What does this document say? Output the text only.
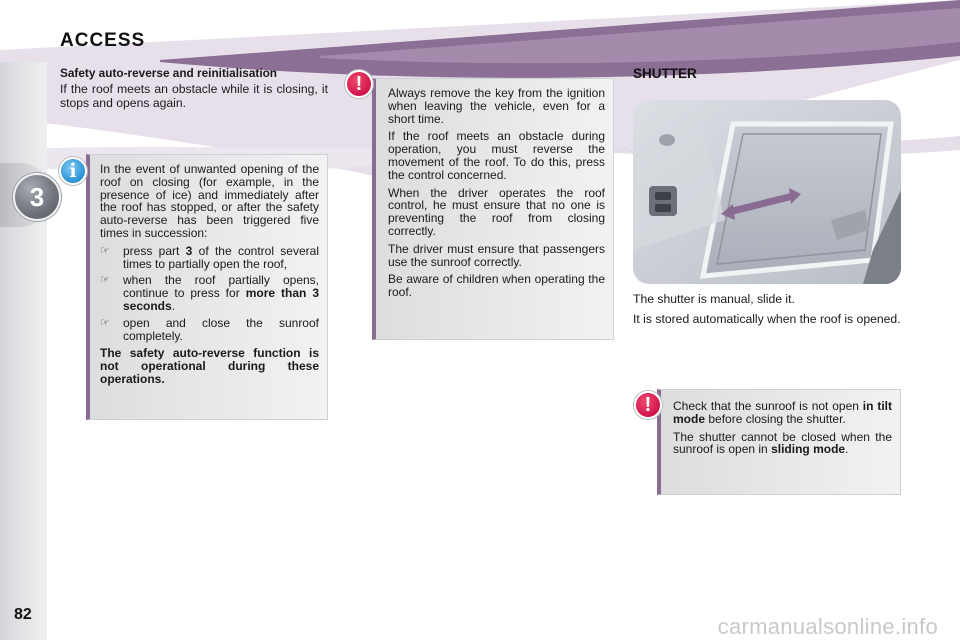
3
ACCESS
82
Safety auto-reverse and reinitialisation

If the roof meets an obstacle while it is closing, it stops and opens again.

In the event of unwanted opening of the roof on closing (for example, in the presence of ice) and immediately after the roof has stopped, or after the safety auto-reverse has been triggered five times in succession:

☞ press part 3 of the control several times to partially open the roof,
☞ when the roof partially opens, continue to press for more than 3 seconds.
☞ open and close the sunroof completely.

The safety auto-reverse function is not operational during these operations.

i

Always remove the key from the ignition when leaving the vehicle, even for a short time.

If the roof meets an obstacle during operation, you must reverse the movement of the roof. To do this, press the control concerned.

When the driver operates the roof control, he must ensure that no one is preventing the roof from closing correctly.

The driver must ensure that passengers use the sunroof correctly.

Be aware of children when operating the roof.

!	SHUTTER

The shutter is manual, slide it.

It is stored automatically when the roof is opened.

Check that the sunroof is not open in tilt mode before closing the shutter.

The shutter cannot be closed when the sunroof is open in sliding mode.

!
carmanualsonline.info
